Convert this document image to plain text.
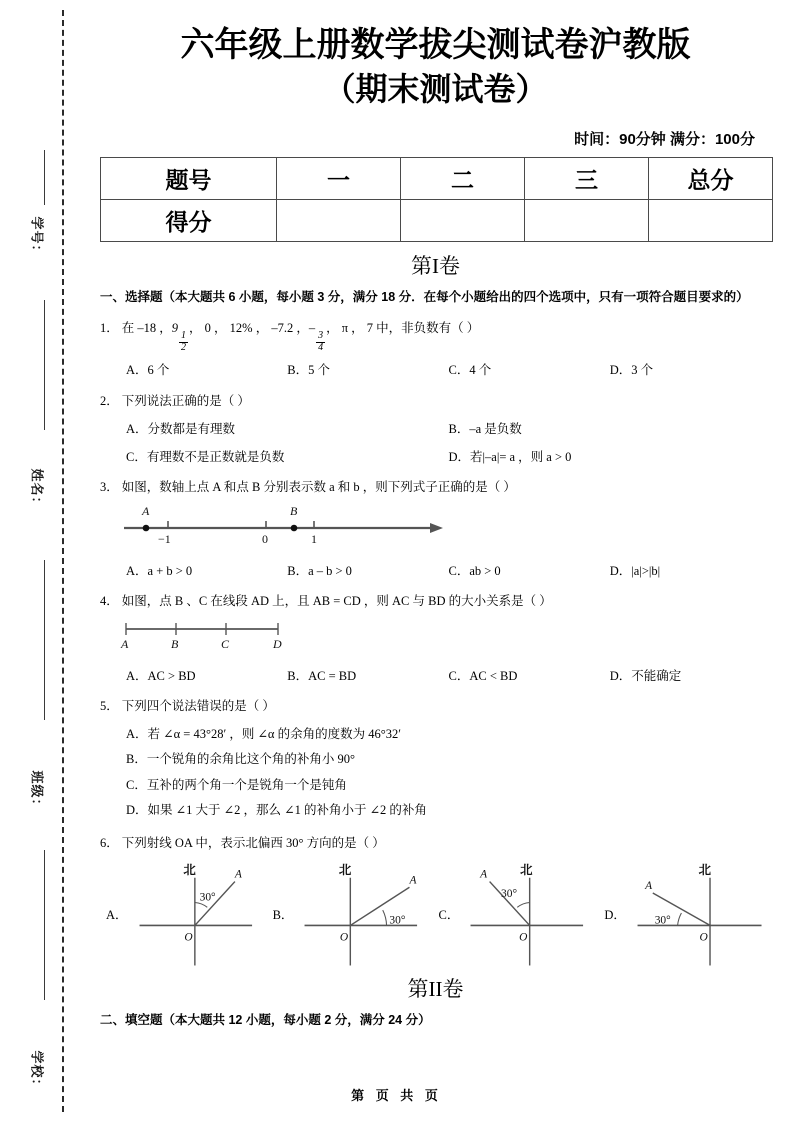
学号：
姓名：
班级：
学校：
六年级上册数学拔尖测试卷沪教版
（期末测试卷）
时间：90分钟 满分：100分
题号	一	二	三	总分
得分				
第I卷
一、选择题（本大题共 6 小题，每小题 3 分，满分 18 分．在每个小题给出的四个选项中，只有一项符合题目要求的）
1． 在 –18 ，9
$\frac{1}{2}$
， 0 ， 12% ， –7.2 ，–
$\frac{3}{4}$
， π ， 7 中，非负数有（ ）
A．6 个	B．5 个	C．4 个	D．3 个
2． 下列说法正确的是（ ）
A．分数都是有理数	B．–a 是负数
C．有理数不是正数就是负数	D．若|–a|= a ，则 a > 0
3． 如图，数轴上点 A 和点 B 分别表示数 a 和 b ，则下列式子正确的是（ ）
A	B
−1	0	1
A．a + b > 0	B．a – b > 0	C．ab > 0	D．|a|>|b|
4． 如图，点 B 、C 在线段 AD 上，且 AB = CD ，则 AC 与 BD 的大小关系是（ ）
A	B	C	D
A．AC > BD	B．AC = BD	C．AC < BD	D．不能确定
5． 下列四个说法错误的是（ ）
A．若 ∠α = 43°28′ ，则 ∠α 的余角的度数为 46°32′
B．一个锐角的余角比这个角的补角小 90°
C．互补的两个角一个是锐角一个是钝角
D．如果 ∠1 大于 ∠2 ，那么 ∠1 的补角小于 ∠2 的补角
6． 下列射线 OA 中，表示北偏西 30° 方向的是（ ）
A．
北	A
30°
O
B．
北
A
30°
O
C．
北
A
30°
O
D．
北
A
30°
O
第II卷
二、填空题（本大题共 12 小题，每小题 2 分，满分 24 分）
第 页 共 页
